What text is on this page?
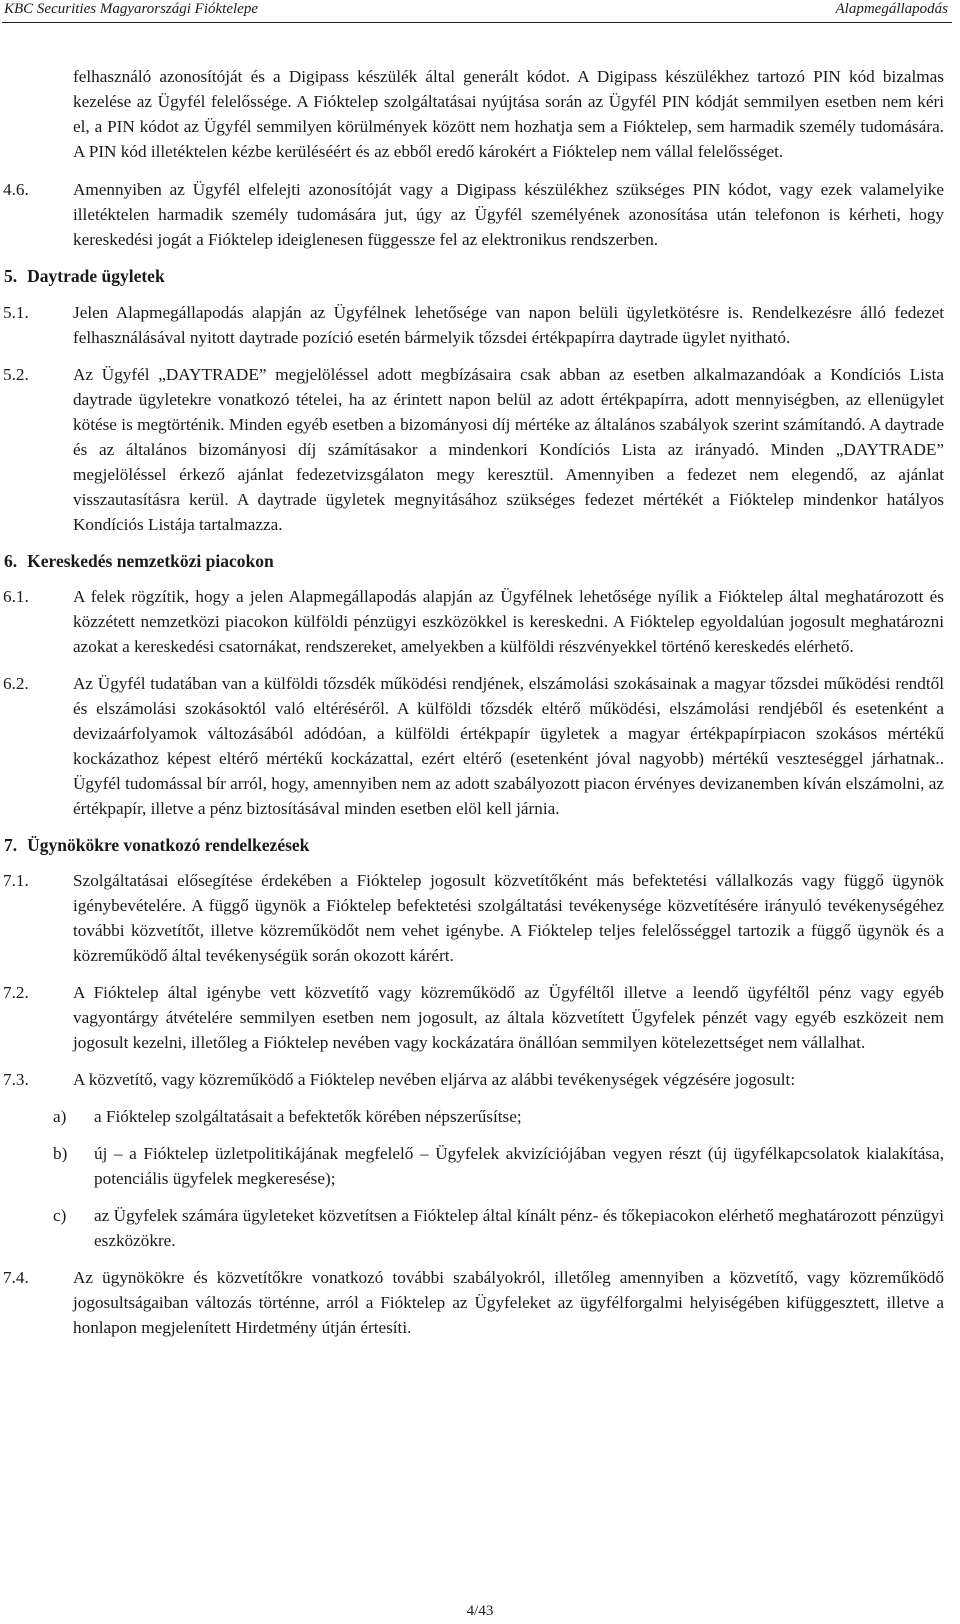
KBC Securities Magyarországi Fióktelepe	Alapmegállapodás
felhasználó azonosítóját és a Digipass készülék által generált kódot. A Digipass készülékhez tartozó PIN kód bizalmas kezelése az Ügyfél felelőssége. A Fióktelep szolgáltatásai nyújtása során az Ügyfél PIN kódját semmilyen esetben nem kéri el, a PIN kódot az Ügyfél semmilyen körülmények között nem hozhatja sem a Fióktelep, sem harmadik személy tudomására. A PIN kód illetéktelen kézbe kerüléséért és az ebből eredő károkért a Fióktelep nem vállal felelősséget.
4.6.	Amennyiben az Ügyfél elfelejti azonosítóját vagy a Digipass készülékhez szükséges PIN kódot, vagy ezek valamelyike illetéktelen harmadik személy tudomására jut, úgy az Ügyfél személyének azonosítása után telefonon is kérheti, hogy kereskedési jogát a Fióktelep ideiglenesen függessze fel az elektronikus rendszerben.
5. Daytrade ügyletek
5.1.	Jelen Alapmegállapodás alapján az Ügyfélnek lehetősége van napon belüli ügyletkötésre is. Rendelkezésre álló fedezet felhasználásával nyitott daytrade pozíció esetén bármelyik tőzsdei értékpapírra daytrade ügylet nyitható.
5.2.	Az Ügyfél „DAYTRADE” megjelöléssel adott megbízásaira csak abban az esetben alkalmazandóak a Kondíciós Lista daytrade ügyletekre vonatkozó tételei, ha az érintett napon belül az adott értékpapírra, adott mennyiségben, az ellenügylet kötése is megtörténik. Minden egyéb esetben a bizományosi díj mértéke az általános szabályok szerint számítandó. A daytrade és az általános bizományosi díj számításakor a mindenkori Kondíciós Lista az irányadó. Minden „DAYTRADE” megjelöléssel érkező ajánlat fedezetvizsgálaton megy keresztül. Amennyiben a fedezet nem elegendő, az ajánlat visszautasításra kerül. A daytrade ügyletek megnyitásához szükséges fedezet mértékét a Fióktelep mindenkor hatályos Kondíciós Listája tartalmazza.
6. Kereskedés nemzetközi piacokon
6.1.	A felek rögzítik, hogy a jelen Alapmegállapodás alapján az Ügyfélnek lehetősége nyílik a Fióktelep által meghatározott és közzétett nemzetközi piacokon külföldi pénzügyi eszközökkel is kereskedni. A Fióktelep egyoldalúan jogosult meghatározni azokat a kereskedési csatornákat, rendszereket, amelyekben a külföldi részvényekkel történő kereskedés elérhető.
6.2.	Az Ügyfél tudatában van a külföldi tőzsdék működési rendjének, elszámolási szokásainak a magyar tőzsdei működési rendtől és elszámolási szokásoktól való eltéréséről. A külföldi tőzsdék eltérő működési, elszámolási rendjéből és esetenként a devizaárfolyamok változásából adódóan, a külföldi értékpapír ügyletek a magyar értékpapírpiacon szokásos mértékű kockázathoz képest eltérő mértékű kockázattal, ezért eltérő (esetenként jóval nagyobb) mértékű veszteséggel járhatnak.. Ügyfél tudomással bír arról, hogy, amennyiben nem az adott szabályozott piacon érvényes devizanemben kíván elszámolni, az értékpapír, illetve a pénz biztosításával minden esetben elöl kell járnia.
7. Ügynökökre vonatkozó rendelkezések
7.1.	Szolgáltatásai elősegítése érdekében a Fióktelep jogosult közvetítőként más befektetési vállalkozás vagy függő ügynök igénybevételére. A függő ügynök a Fióktelep befektetési szolgáltatási tevékenysége közvetítésére irányuló tevékenységéhez további közvetítőt, illetve közreműködőt nem vehet igénybe. A Fióktelep teljes felelősséggel tartozik a függő ügynök és a közreműködő által tevékenységük során okozott kárért.
7.2.	A Fióktelep által igénybe vett közvetítő vagy közreműködő az Ügyféltől illetve a leendő ügyféltől pénz vagy egyéb vagyontárgy átvételére semmilyen esetben nem jogosult, az általa közvetített Ügyfelek pénzét vagy egyéb eszközeit nem jogosult kezelni, illetőleg a Fióktelep nevében vagy kockázatára önállóan semmilyen kötelezettséget nem vállalhat.
7.3.	A közvetítő, vagy közreműködő a Fióktelep nevében eljárva az alábbi tevékenységek végzésére jogosult:
a) a Fióktelep szolgáltatásait a befektetők körében népszerűsítse;
b) új – a Fióktelep üzletpolitikájának megfelelő – Ügyfelek akvizíciójában vegyen részt (új ügyfélkapcsolatok kialakítása, potenciális ügyfelek megkeresése);
c) az Ügyfelek számára ügyleteket közvetítsen a Fióktelep által kínált pénz- és tőkepiacokon elérhető meghatározott pénzügyi eszközökre.
7.4.	Az ügynökökre és közvetítőkre vonatkozó további szabályokról, illetőleg amennyiben a közvetítő, vagy közreműködő jogosultságaiban változás történne, arról a Fióktelep az Ügyfeleket az ügyfélforgalmi helyiségében kifüggesztett, illetve a honlapon megjelenített Hirdetmény útján értesíti.
4/43
